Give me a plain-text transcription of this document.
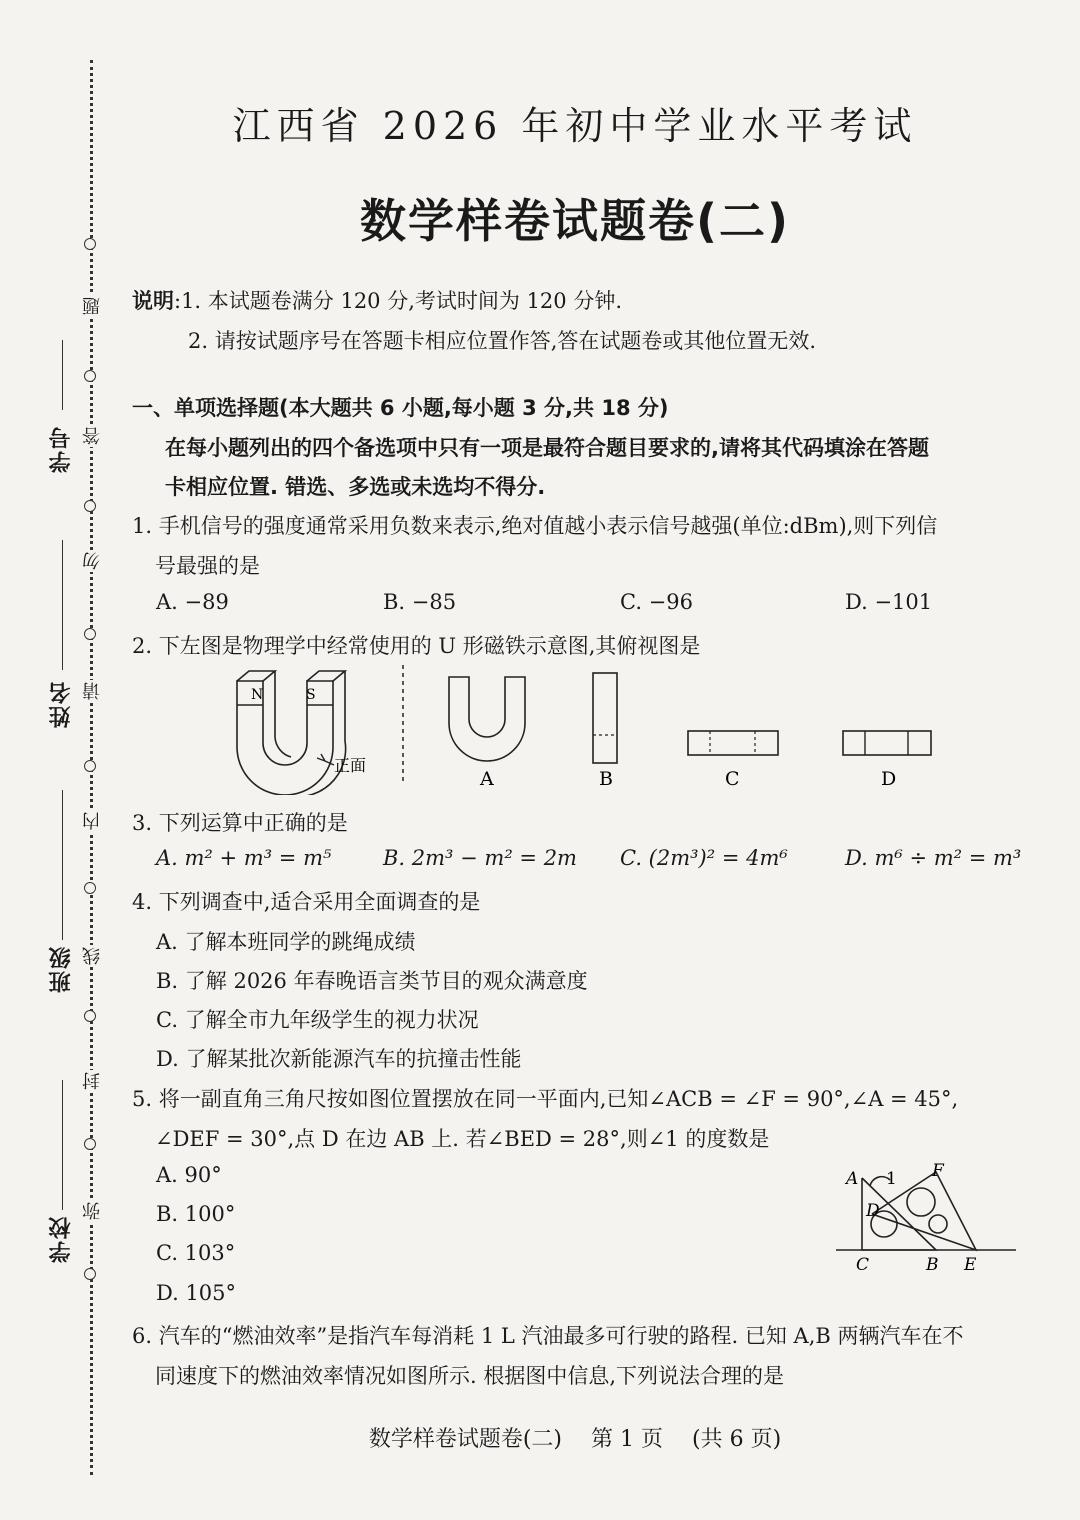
学号
姓名
班级
学校
题
答
勿
请
内
线
封
弥
江西省 2026 年初中学业水平考试
数学样卷试题卷(二)
说明:1. 本试题卷满分 120 分,考试时间为 120 分钟.
2. 请按试题序号在答题卡相应位置作答,答在试题卷或其他位置无效.
一、单项选择题(本大题共 6 小题,每小题 3 分,共 18 分)
在每小题列出的四个备选项中只有一项是最符合题目要求的,请将其代码填涂在答题
卡相应位置. 错选、多选或未选均不得分.
1. 手机信号的强度通常采用负数来表示,绝对值越小表示信号越强(单位:dBm),则下列信
号最强的是
A. −89	B. −85	C. −96	D. −101
2. 下左图是物理学中经常使用的 U 形磁铁示意图,其俯视图是
N	S
正面
A	B	C	D
3. 下列运算中正确的是
A. m² + m³ = m⁵ B. 2m³ − m² = 2m C. (2m³)² = 4m⁶	D. m⁶ ÷ m² = m³
4. 下列调查中,适合采用全面调查的是
A. 了解本班同学的跳绳成绩
B. 了解 2026 年春晚语言类节目的观众满意度
C. 了解全市九年级学生的视力状况
D. 了解某批次新能源汽车的抗撞击性能
5. 将一副直角三角尺按如图位置摆放在同一平面内,已知∠ACB = ∠F = 90°,∠A = 45°,
∠DEF = 30°,点 D 在边 AB 上. 若∠BED = 28°,则∠1 的度数是
A. 90°
B. 100°
C. 103°
D. 105°
A 1 F
D
C	B E
6. 汽车的“燃油效率”是指汽车每消耗 1 L 汽油最多可行驶的路程. 已知 A,B 两辆汽车在不
同速度下的燃油效率情况如图所示. 根据图中信息,下列说法合理的是
数学样卷试题卷(二) 第 1 页 (共 6 页)
